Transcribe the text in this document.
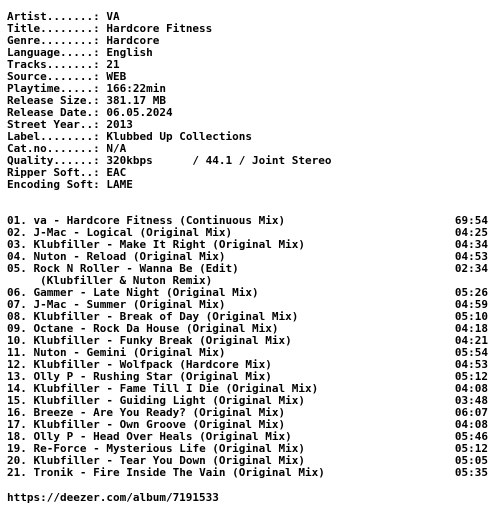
Artist.......: VA
Title........: Hardcore Fitness
Genre........: Hardcore
Language.....: English
Tracks.......: 21
Source.......: WEB
Playtime.....: 166:22min
Release Size.: 381.17 MB
Release Date.: 06.05.2024
Street Year..: 2013
Label........: Klubbed Up Collections
Cat.no.......: N/A
Quality......: 320kbps      / 44.1 / Joint Stereo
Ripper Soft..: EAC
Encoding Soft: LAME
01. va - Hardcore Fitness (Continuous Mix)	69:54
02. J-Mac - Logical (Original Mix)	04:25
03. Klubfiller - Make It Right (Original Mix)	04:34
04. Nuton - Reload (Original Mix)	04:53
05. Rock N Roller - Wanna Be (Edit)	02:34
(Klubfiller & Nuton Remix)
06. Gammer - Late Night (Original Mix)	05:26
07. J-Mac - Summer (Original Mix)	04:59
08. Klubfiller - Break of Day (Original Mix)	05:10
09. Octane - Rock Da House (Original Mix)	04:18
10. Klubfiller - Funky Break (Original Mix)	04:21
11. Nuton - Gemini (Original Mix)	05:54
12. Klubfiller - Wolfpack (Hardcore Mix)	04:53
13. Olly P - Rushing Star (Original Mix)	05:12
14. Klubfiller - Fame Till I Die (Original Mix)	04:08
15. Klubfiller - Guiding Light (Original Mix)	03:48
16. Breeze - Are You Ready? (Original Mix)	06:07
17. Klubfiller - Own Groove (Original Mix)	04:08
18. Olly P - Head Over Heals (Original Mix)	05:46
19. Re-Force - Mysterious Life (Original Mix)	05:12
20. Klubfiller - Tear You Down (Original Mix)	05:05
21. Tronik - Fire Inside The Vain (Original Mix)	05:35
https://deezer.com/album/7191533
